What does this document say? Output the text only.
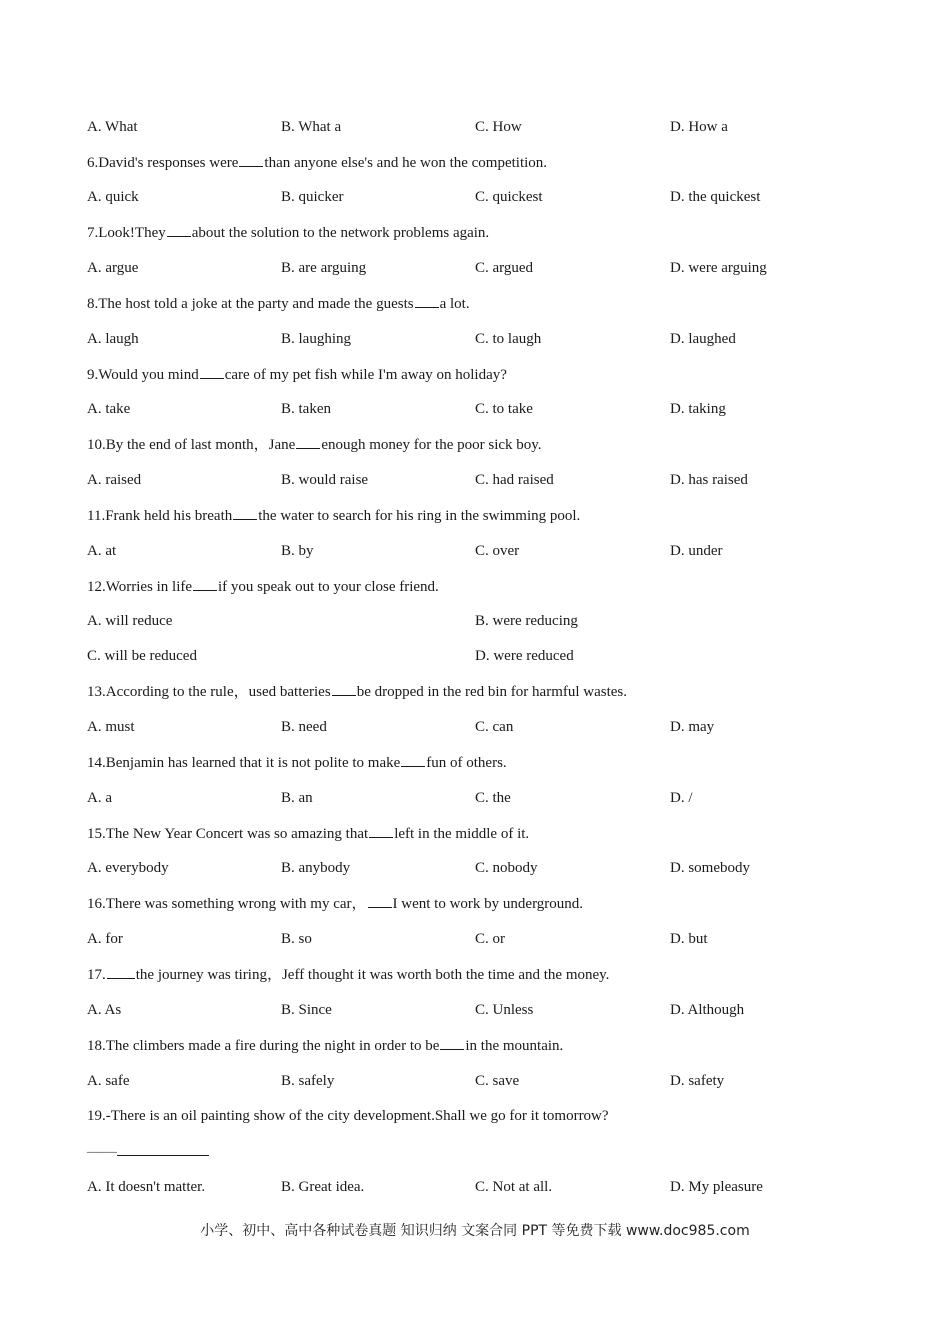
A. What	B. What a	C. How	D. How a
6.David's responses were than anyone else's and he won the competition.
A. quick	B. quicker	C. quickest	D. the quickest
7.Look!They about the solution to the network problems again.
A. argue	B. are arguing	C. argued	D. were arguing
8.The host told a joke at the party and made the guests a lot.
A. laugh	B. laughing	C. to laugh	D. laughed
9.Would you mind care of my pet fish while I'm away on holiday?
A. take	B. taken	C. to take	D. taking
10.By the end of last month，Jane enough money for the poor sick boy.
A. raised	B. would raise	C. had raised	D. has raised
11.Frank held his breath the water to search for his ring in the swimming pool.
A. at	B. by	C. over	D. under
12.Worries in life if you speak out to your close friend.
A. will reduce	B. were reducing
C. will be reduced	D. were reduced
13.According to the rule，used batteries be dropped in the red bin for harmful wastes.
A. must	B. need	C. can	D. may
14.Benjamin has learned that it is not polite to make fun of others.
A. a	B. an	C. the	D. /
15.The New Year Concert was so amazing that left in the middle of it.
A. everybody	B. anybody	C. nobody	D. somebody
16.There was something wrong with my car， I went to work by underground.
A. for	B. so	C. or	D. but
17. the journey was tiring，Jeff thought it was worth both the time and the money.
A. As	B. Since	C. Unless	D. Although
18.The climbers made a fire during the night in order to be in the mountain.
A. safe	B. safely	C. save	D. safety
19.-There is an oil painting show of the city development.Shall we go for it tomorrow?
——
A. It doesn't matter.	B. Great idea.	C. Not at all.	D. My pleasure
小学、初中、高中各种试卷真题 知识归纳 文案合同 PPT 等免费下载 www.doc985.com
